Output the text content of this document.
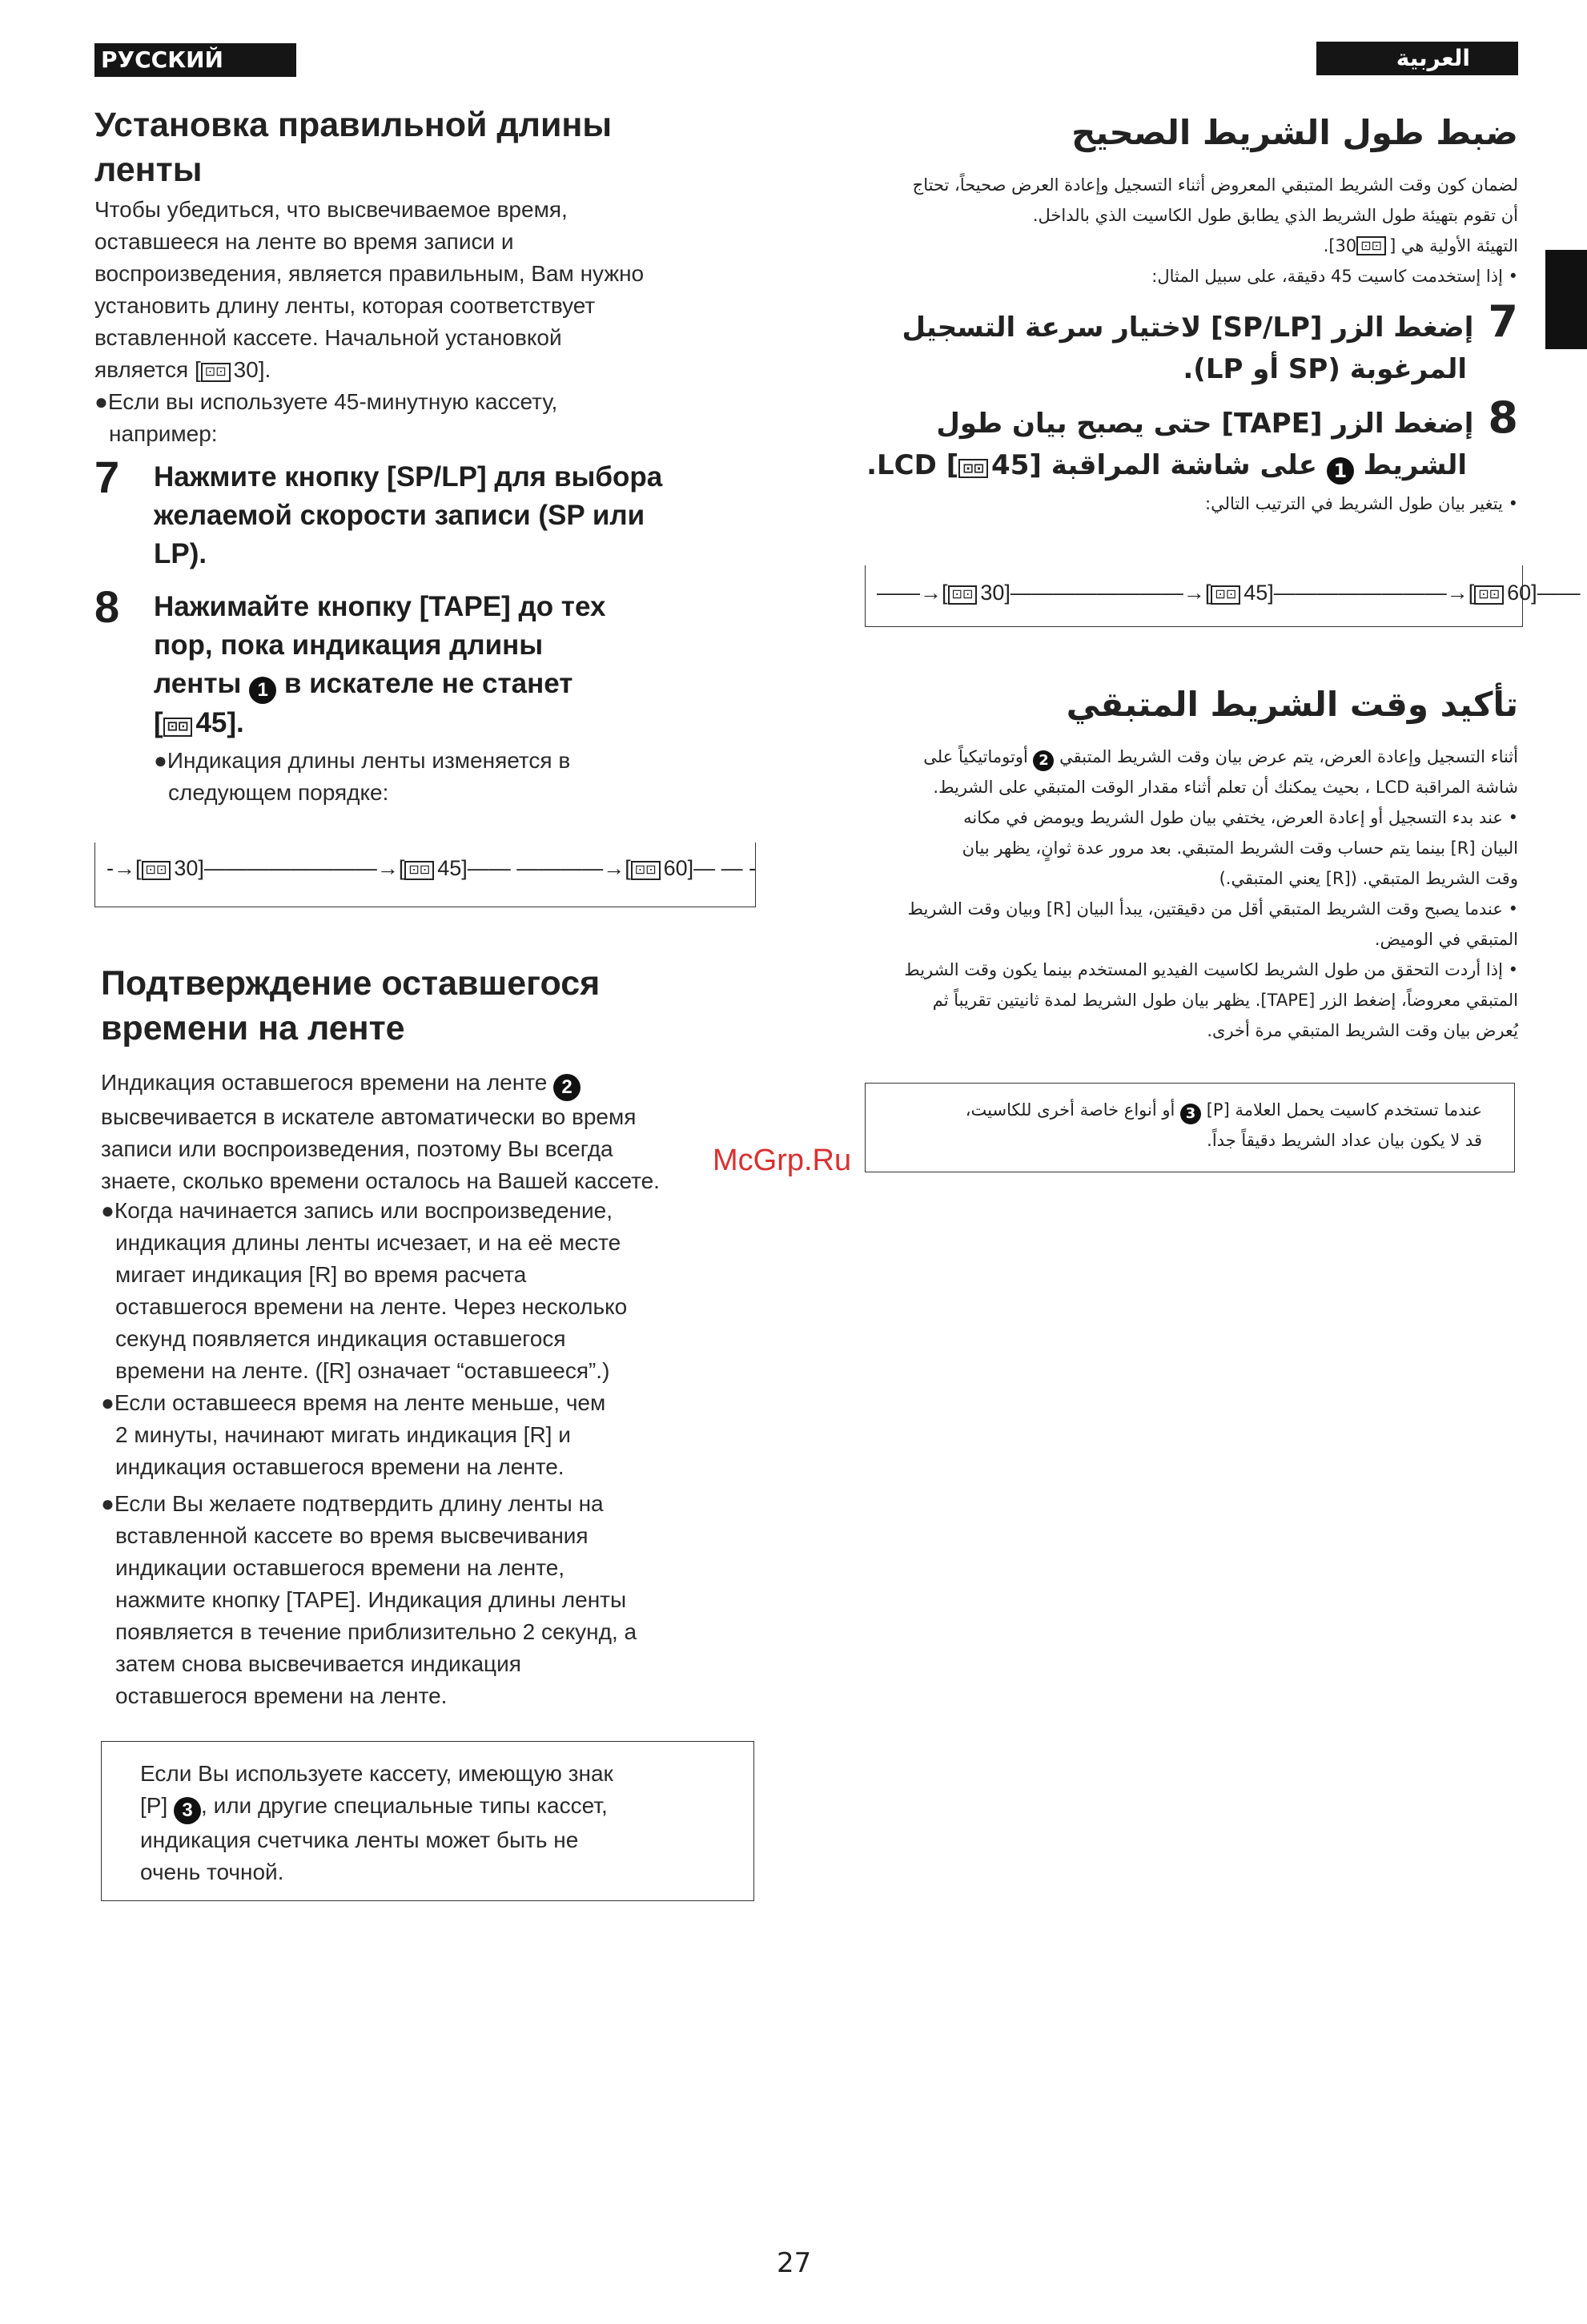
РУССКИЙ ЯЗЫК
العربية
Установка правильной длины
ленты
Чтобы убедиться, что высвечиваемое время,
оставшееся на ленте во время записи и
воспроизведения, является правильным, Вам нужно
установить длину ленты, которая соответствует
вставленной кассете. Начальной установкой
является [ ⊡⊡ 30].
●Если вы используете 45-минутную кассету,
например:
7 Нажмите кнопку [SP/LP] для выбора
желаемой скорости записи (SP или
LP).
8 Нажимайте кнопку [TAPE] до тех
пор, пока индикация длины
ленты 1 в искателе не станет
[ ⊡⊡ 45].
●Индикация длины ленты изменяется в
следующем порядке:

-→[ ⊡⊡ 30]————————→[ ⊡⊡ 45]—— ————→[ ⊡⊡ 60]— — -

Подтверждение оставшегося
времени на ленте
Индикация оставшегося времени на ленте 2
высвечивается в искателе автоматически во время
записи или воспроизведения, поэтому Вы всегда
знаете, сколько времени осталось на Вашей кассете.
●Когда начинается запись или воспроизведение,
индикация длины ленты исчезает, и на её месте
мигает индикация [R] во время расчета
оставшегося времени на ленте. Через несколько
секунд появляется индикация оставшегося
времени на ленте. ([R] означает “оставшееся”.)
●Если оставшееся время на ленте меньше, чем
2 минуты, начинают мигать индикация [R] и
индикация оставшегося времени на ленте.
●Если Вы желаете подтвердить длину ленты на
вставленной кассете во время высвечивания
индикации оставшегося времени на ленте,
нажмите кнопку [TAPE]. Индикация длины ленты
появляется в течение приблизительно 2 секунд, а
затем снова высвечивается индикация
оставшегося времени на ленте.
Если Вы используете кассету, имеющую знак
[P] 3 , или другие специальные типы кассет,
индикация счетчика ленты может быть не
очень точной.
ضبط طول الشريط الصحيح
لضمان كون وقت الشريط المتبقي المعروض أثناء التسجيل وإعادة العرض صحيحاً، تحتاج
أن تقوم بتهيئة طول الشريط الذي يطابق طول الكاسيت الذي بالداخل.
التهيئة الأولية هي [⊡⊡30].
• إذا إستخدمت كاسيت 45 دقيقة، على سبيل المثال:
7إضغط الزر [SP/LP] لاختيار سرعة التسجيل
المرغوبة (SP أو LP).
8إضغط الزر [TAPE] حتى يصبح بيان طول
الشريط 1 على شاشة المراقبة LCD [⊡⊡45].
• يتغير بيان طول الشريط في الترتيب التالي:

——→[ ⊡⊡ 30]————————→[ ⊡⊡ 45]————————→[ ⊡⊡ 60]——

تأكيد وقت الشريط المتبقي
أثناء التسجيل وإعادة العرض، يتم عرض بيان وقت الشريط المتبقي 2 أوتوماتيكياً على
شاشة المراقبة LCD ، بحيث يمكنك أن تعلم أثناء مقدار الوقت المتبقي على الشريط.
• عند بدء التسجيل أو إعادة العرض، يختفي بيان طول الشريط ويومض في مكانه
البيان [R] بينما يتم حساب وقت الشريط المتبقي. بعد مرور عدة ثوانٍ، يظهر بيان
وقت الشريط المتبقي. ([R] يعني المتبقي.)
• عندما يصبح وقت الشريط المتبقي أقل من دقيقتين، يبدأ البيان [R] وبيان وقت الشريط
المتبقي في الوميض.
• إذا أردت التحقق من طول الشريط لكاسيت الفيديو المستخدم بينما يكون وقت الشريط
المتبقي معروضاً، إضغط الزر [TAPE]. يظهر بيان طول الشريط لمدة ثانيتين تقريباً ثم
يُعرض بيان وقت الشريط المتبقي مرة أخرى.
عندما تستخدم كاسيت يحمل العلامة [P] 3 أو أنواع خاصة أخرى للكاسيت،
قد لا يكون بيان عداد الشريط دقيقاً جداً.
McGrp.Ru
27
